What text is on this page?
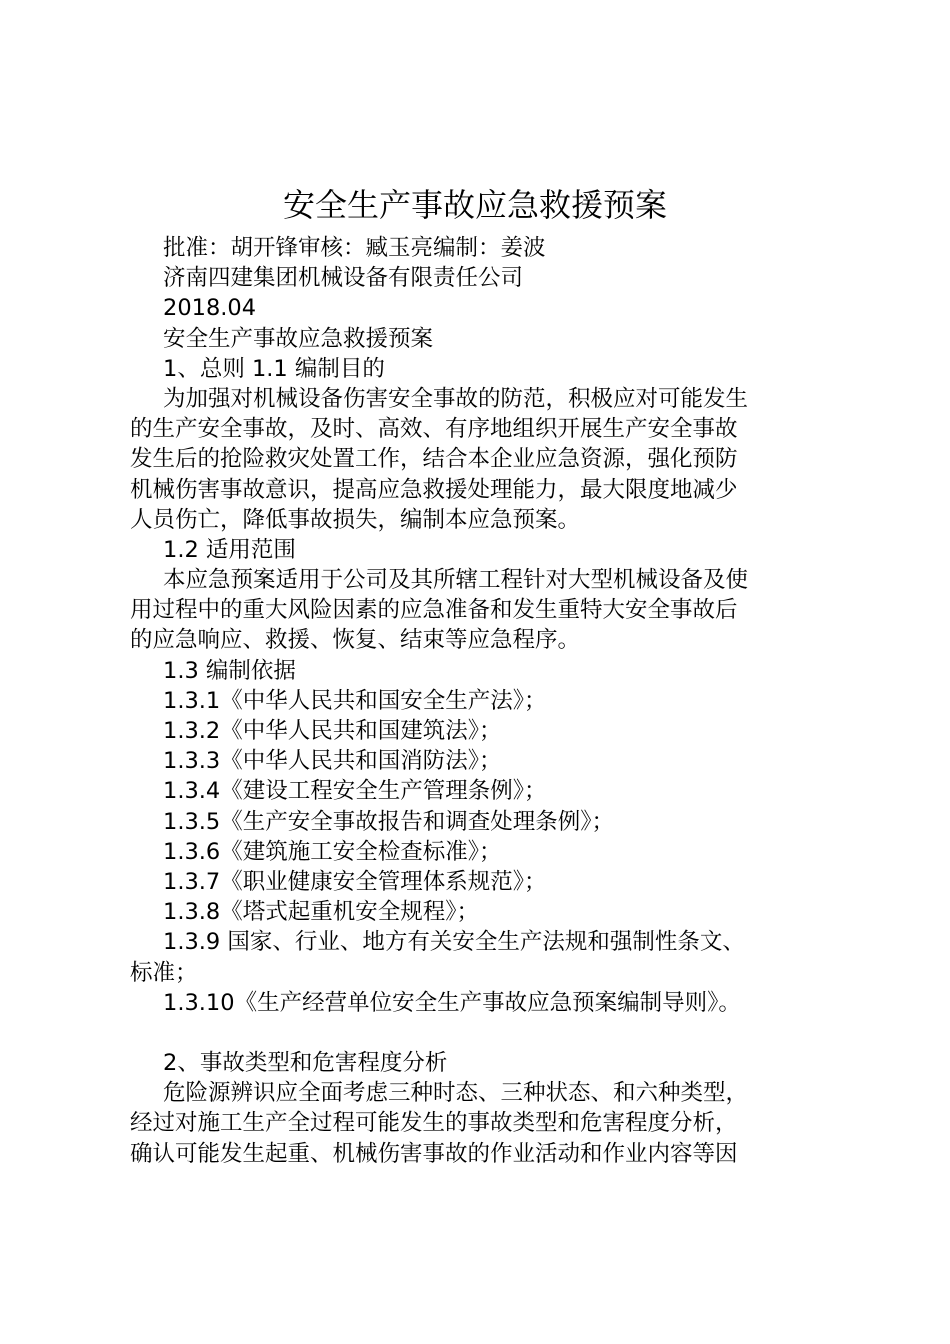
安全生产事故应急救援预案
批准：胡开锋审核：臧玉亮编制：姜波
济南四建集团机械设备有限责任公司
2018.04
安全生产事故应急救援预案
1、总则 1.1 编制目的
为加强对机械设备伤害安全事故的防范，积极应对可能发生
的生产安全事故，及时、高效、有序地组织开展生产安全事故
发生后的抢险救灾处置工作，结合本企业应急资源，强化预防
机械伤害事故意识，提高应急救援处理能力，最大限度地减少
人员伤亡，降低事故损失，编制本应急预案。
1.2 适用范围
本应急预案适用于公司及其所辖工程针对大型机械设备及使
用过程中的重大风险因素的应急准备和发生重特大安全事故后
的应急响应、救援、恢复、结束等应急程序。
1.3 编制依据
1.3.1《中华人民共和国安全生产法》；
1.3.2《中华人民共和国建筑法》；
1.3.3《中华人民共和国消防法》；
1.3.4《建设工程安全生产管理条例》；
1.3.5《生产安全事故报告和调查处理条例》；
1.3.6《建筑施工安全检查标准》；
1.3.7《职业健康安全管理体系规范》；
1.3.8《塔式起重机安全规程》；
1.3.9 国家、行业、地方有关安全生产法规和强制性条文、
标准；
1.3.10《生产经营单位安全生产事故应急预案编制导则》。
2、事故类型和危害程度分析
危险源辨识应全面考虑三种时态、三种状态、和六种类型，
经过对施工生产全过程可能发生的事故类型和危害程度分析，
确认可能发生起重、机械伤害事故的作业活动和作业内容等因
